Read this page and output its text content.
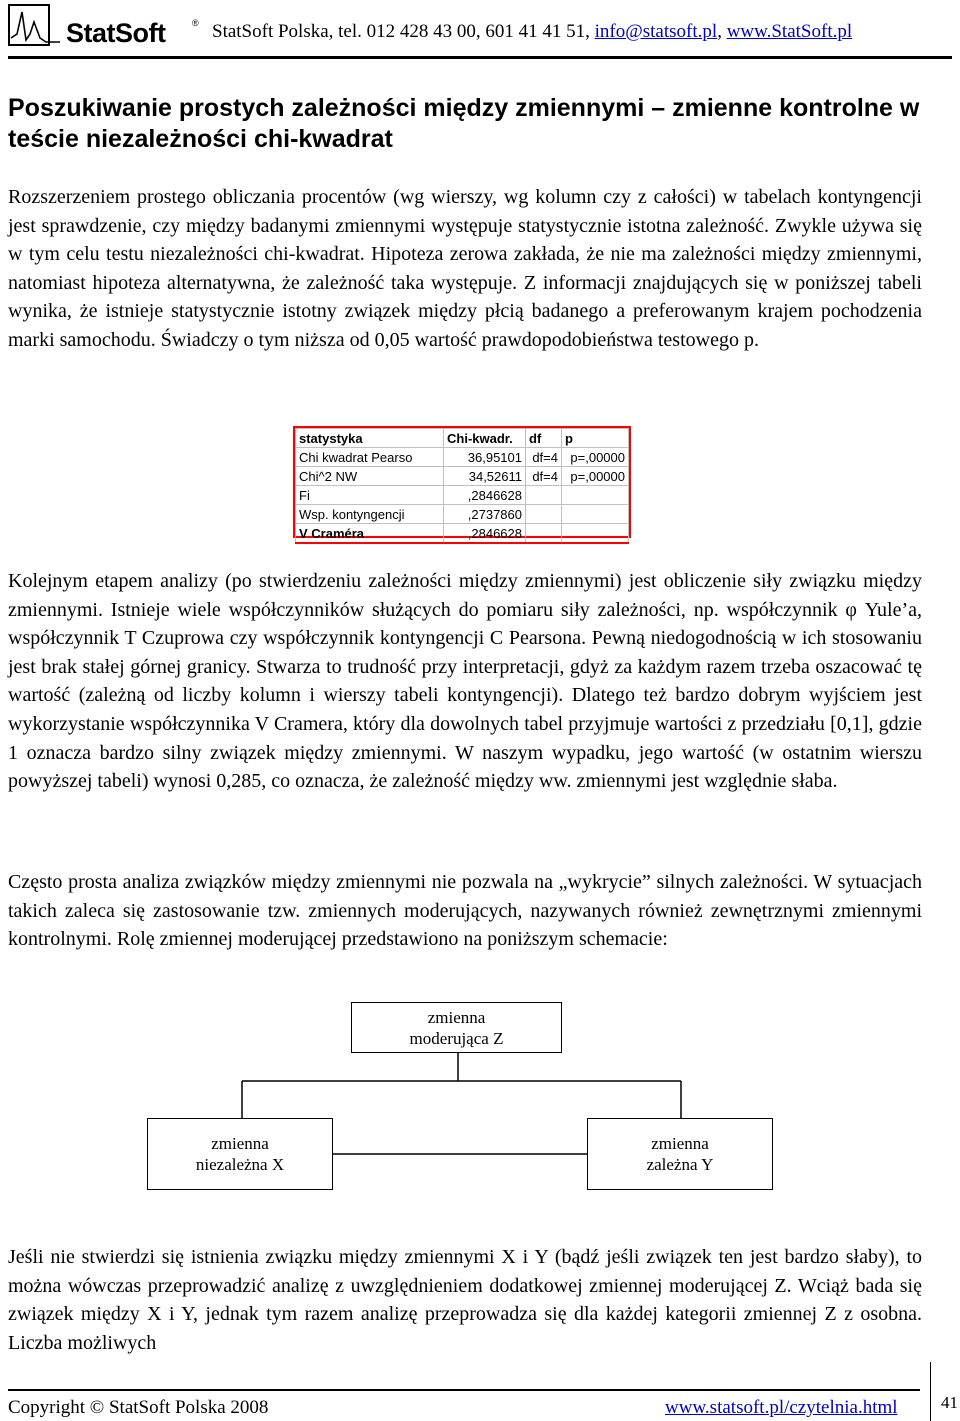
StatSoft	® StatSoft Polska, tel. 012 428 43 00, 601 41 41 51, info@statsoft.pl, www.StatSoft.pl
Poszukiwanie prostych zależności między zmiennymi – zmienne kontrolne w teście niezależności chi-kwadrat

Rozszerzeniem prostego obliczania procentów (wg wierszy, wg kolumn czy z całości) w tabelach kontyngencji jest sprawdzenie, czy między badanymi zmiennymi występuje statystycznie istotna zależność. Zwykle używa się w tym celu testu niezależności chi-kwadrat. Hipoteza zerowa zakłada, że nie ma zależności między zmiennymi, natomiast hipoteza alternatywna, że zależność taka występuje. Z informacji znajdujących się w poniższej tabeli wynika, że istnieje statystycznie istotny związek między płcią badanego a preferowanym krajem pochodzenia marki samochodu. Świadczy o tym niższa od 0,05 wartość prawdopodobieństwa testowego p.

statystyka	Chi-kwadr.	df	p
Chi kwadrat Pearso	36,95101	df=4	p=,00000
Chi^2 NW	34,52611	df=4	p=,00000
Fi	,2846628		
Wsp. kontyngencji	,2737860		
V Craméra	,2846628		

Kolejnym etapem analizy (po stwierdzeniu zależności między zmiennymi) jest obliczenie siły związku między zmiennymi. Istnieje wiele współczynników służących do pomiaru siły zależności, np. współczynnik φ Yule’a, współczynnik T Czuprowa czy współczynnik kontyngencji C Pearsona. Pewną niedogodnością w ich stosowaniu jest brak stałej górnej granicy. Stwarza to trudność przy interpretacji, gdyż za każdym razem trzeba oszacować tę wartość (zależną od liczby kolumn i wierszy tabeli kontyngencji). Dlatego też bardzo dobrym wyjściem jest wykorzystanie współczynnika V Cramera, który dla dowolnych tabel przyjmuje wartości z przedziału [0,1], gdzie 1 oznacza bardzo silny związek między zmiennymi. W naszym wypadku, jego wartość (w ostatnim wierszu powyższej tabeli) wynosi 0,285, co oznacza, że zależność między ww. zmiennymi jest względnie słaba.

Często prosta analiza związków między zmiennymi nie pozwala na „wykrycie” silnych zależności. W sytuacjach takich zaleca się zastosowanie tzw. zmiennych moderujących, nazywanych również zewnętrznymi zmiennymi kontrolnymi. Rolę zmiennej moderującej przedstawiono na poniższym schemacie:

zmienna
moderująca Z
zmienna
niezależna X
zmienna
zależna Y

Jeśli nie stwierdzi się istnienia związku między zmiennymi X i Y (bądź jeśli związek ten jest bardzo słaby), to można wówczas przeprowadzić analizę z uwzględnieniem dodatkowej zmiennej moderującej Z. Wciąż bada się związek między X i Y, jednak tym razem analizę przeprowadza się dla każdej kategorii zmiennej Z z osobna. Liczba możliwych

Copyright © StatSoft Polska 2008	www.statsoft.pl/czytelnia.html	41
